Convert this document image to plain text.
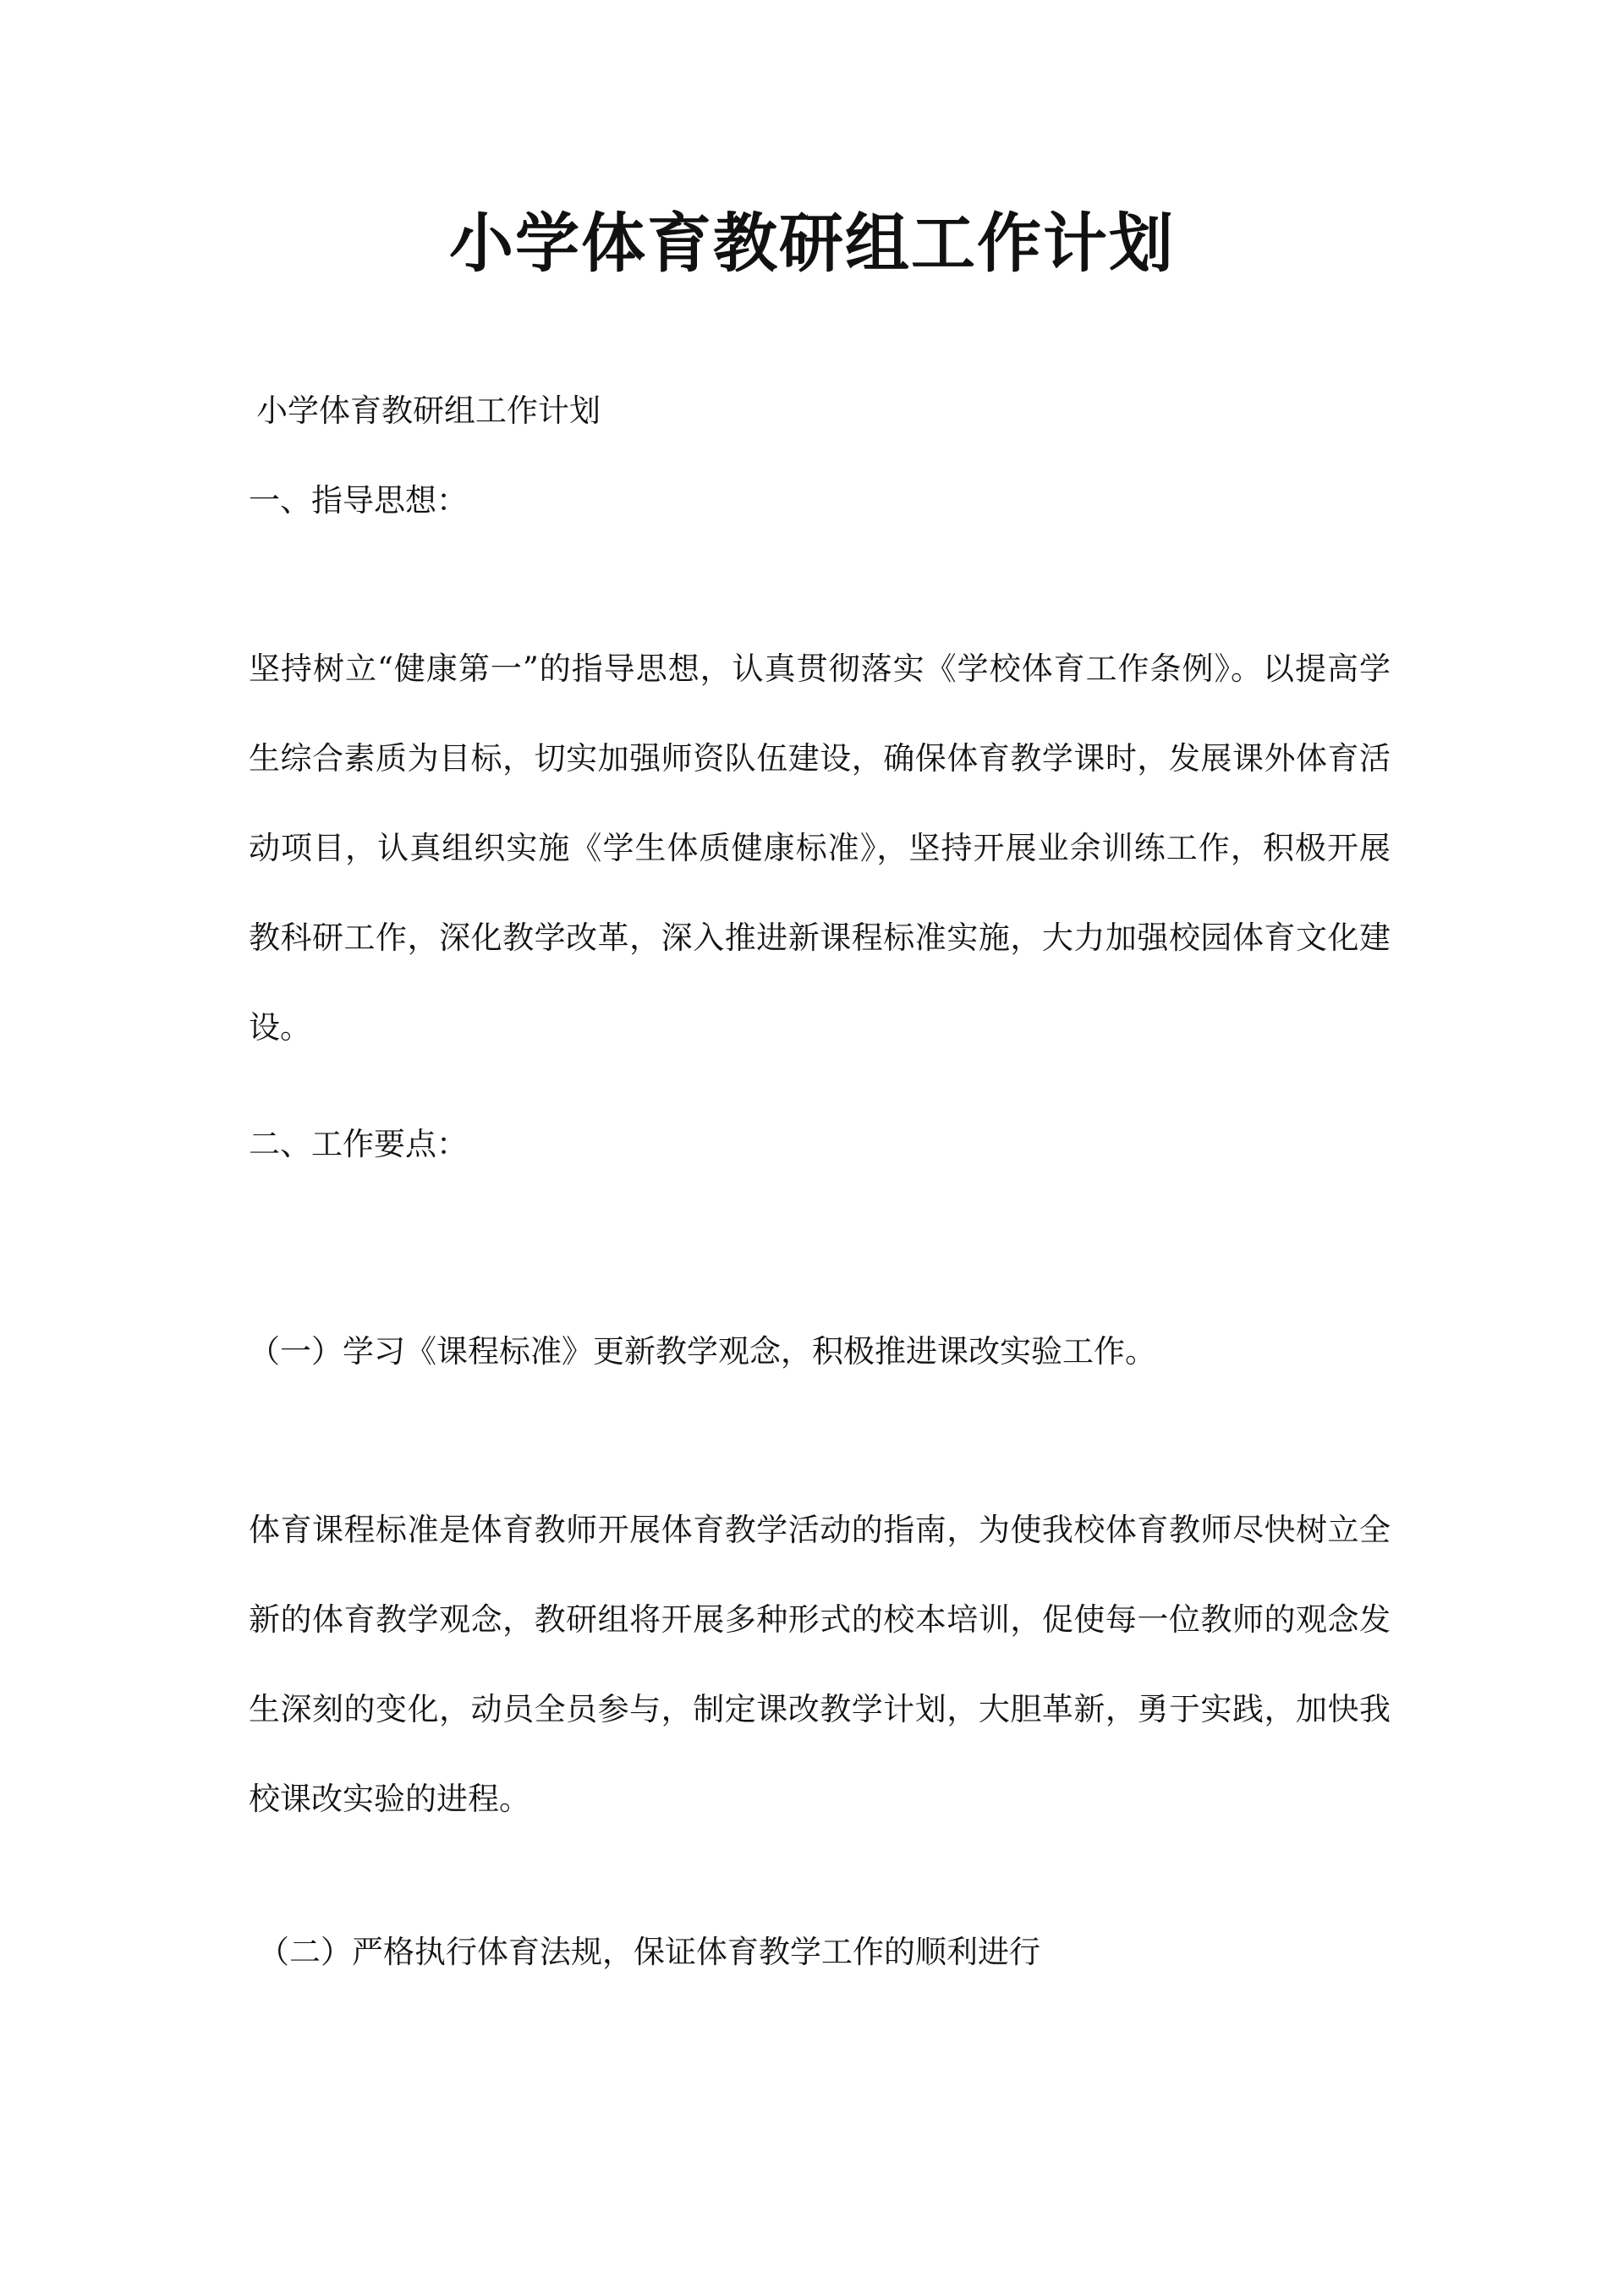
小学体育教研组工作计划

小学体育教研组工作计划

一、指导思想：

坚持树立“健康第一”的指导思想，认真贯彻落实《学校体育工作条例》。以提高学生综合素质为目标，切实加强师资队伍建设，确保体育教学课时，发展课外体育活动项目，认真组织实施《学生体质健康标准》，坚持开展业余训练工作，积极开展教科研工作，深化教学改革，深入推进新课程标准实施，大力加强校园体育文化建设。

二、工作要点：

（一）学习《课程标准》更新教学观念，积极推进课改实验工作。

体育课程标准是体育教师开展体育教学活动的指南，为使我校体育教师尽快树立全新的体育教学观念，教研组将开展多种形式的校本培训，促使每一位教师的观念发生深刻的变化，动员全员参与，制定课改教学计划，大胆革新，勇于实践，加快我校课改实验的进程。

（二）严格执行体育法规，保证体育教学工作的顺利进行
